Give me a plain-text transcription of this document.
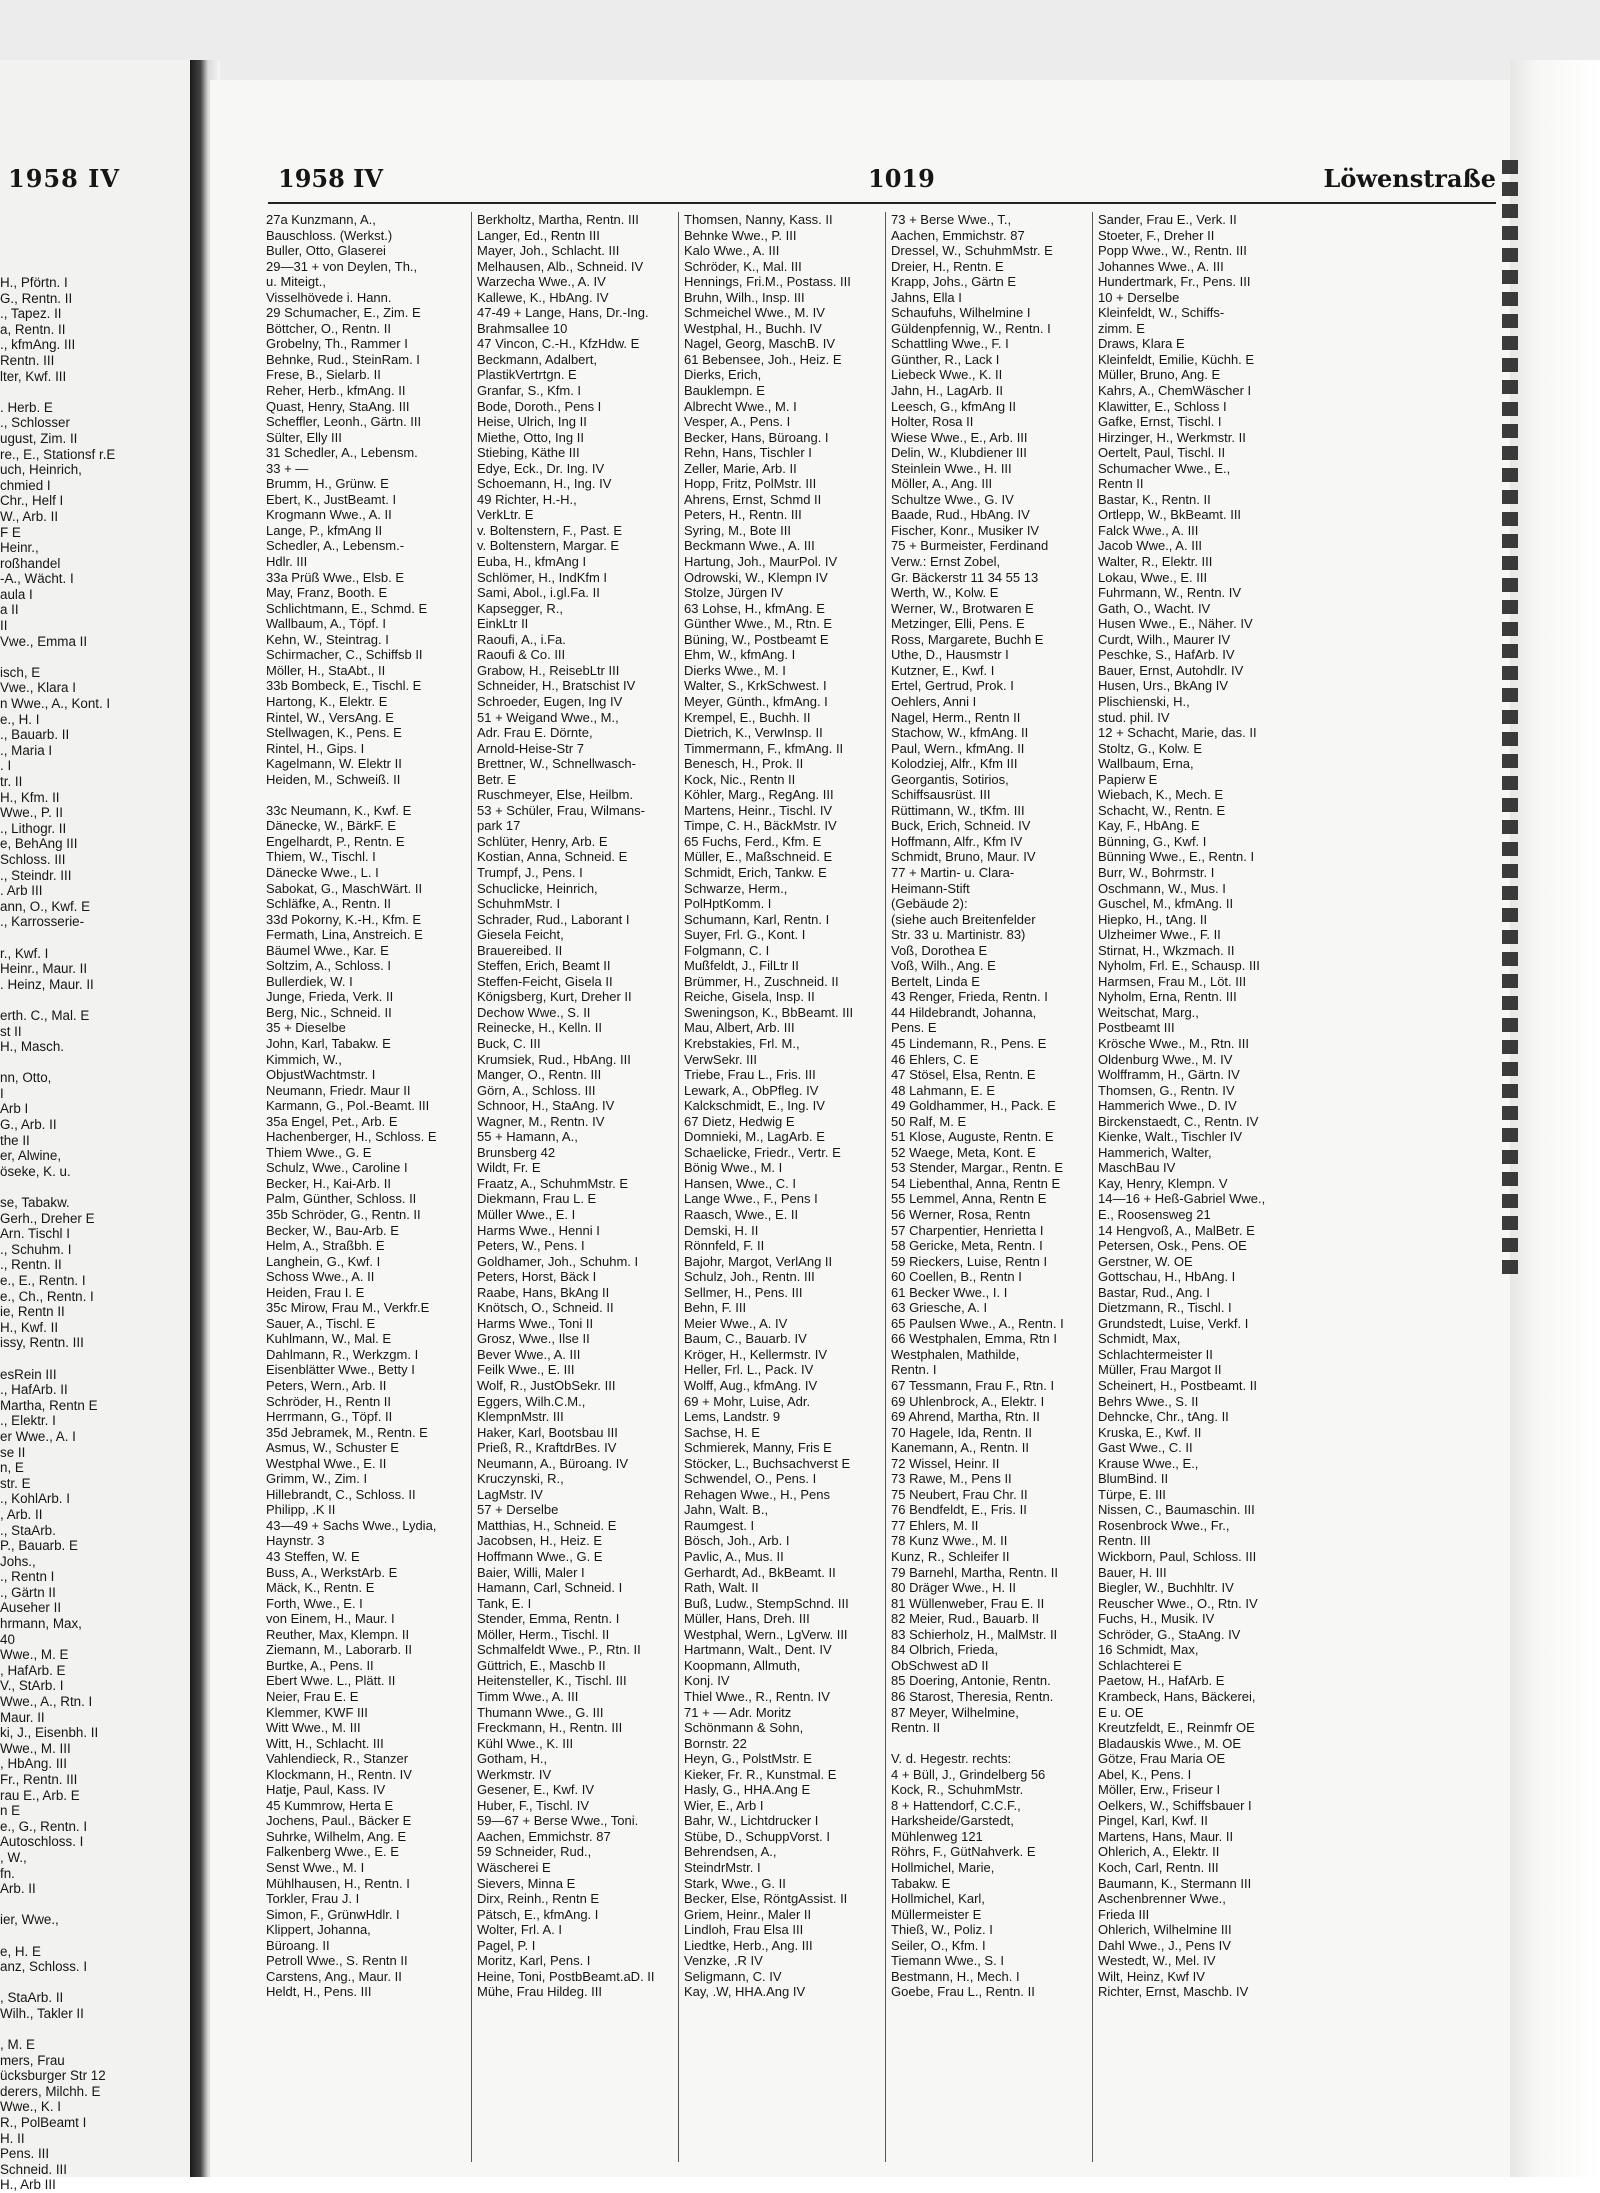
1958 IV
H., Pförtn. I
G., Rentn. II
., Tapez. II
a, Rentn. II
., kfmAng. III
Rentn. III
lter, Kwf. III
. Herb. E
., Schlosser
ugust, Zim. II
re., E., Stationsf r.E
uch, Heinrich,
chmied I
Chr., Helf I
W., Arb. II
F E
Heinr.,
roßhandel
-A., Wächt. I
aula I
a II
II
Vwe., Emma II
isch, E
Vwe., Klara I
n Wwe., A., Kont. I
e., H. I
., Bauarb. II
., Maria I
. I
tr. II
H., Kfm. II
Wwe., P. II
., Lithogr. II
e, BehAng III
Schloss. III
., Steindr. III
. Arb III
ann, O., Kwf. E
., Karrosserie-
r., Kwf. I
Heinr., Maur. II
. Heinz, Maur. II
erth. C., Mal. E
st II
H., Masch.
nn, Otto,
I
Arb I
G., Arb. II
the II
er, Alwine,
öseke, K. u.
se, Tabakw.
Gerh., Dreher E
Arn. Tischl I
., Schuhm. I
., Rentn. II
e., E., Rentn. I
e., Ch., Rentn. I
ie, Rentn II
H., Kwf. II
issy, Rentn. III
esRein III
., HafArb. II
Martha, Rentn E
., Elektr. I
er Wwe., A. I
se II
n, E
str. E
., KohlArb. I
, Arb. II
., StaArb.
P., Bauarb. E
Johs.,
., Rentn I
., Gärtn II
Auseher II
hrmann, Max,
40
Wwe., M. E
, HafArb. E
V., StArb. I
Wwe., A., Rtn. I
Maur. II
ki, J., Eisenbh. II
Wwe., M. III
, HbAng. III
Fr., Rentn. III
rau E., Arb. E
n E
e., G., Rentn. I
Autoschloss. I
, W.,
fn.
Arb. II
ier, Wwe.,
e, H. E
anz, Schloss. I
, StaArb. II
Wilh., Takler II
, M. E
mers, Frau
ücksburger Str 12
derers, Milchh. E
Wwe., K. I
R., PolBeamt I
H. II
Pens. III
Schneid. III
H., Arb III
1958 IV	1019	Löwenstraße
27a Kunzmann, A.,
Bauschloss. (Werkst.)
Buller, Otto, Glaserei
29—31 + von Deylen, Th.,
u. Miteigt.,
Visselhövede i. Hann.
29 Schumacher, E., Zim. E
Böttcher, O., Rentn. II
Grobelny, Th., Rammer I
Behnke, Rud., SteinRam. I
Frese, B., Sielarb. II
Reher, Herb., kfmAng. II
Quast, Henry, StaAng. III
Scheffler, Leonh., Gärtn. III
Sülter, Elly III
31 Schedler, A., Lebensm.
33 + —
Brumm, H., Grünw. E
Ebert, K., JustBeamt. I
Krogmann Wwe., A. II
Lange, P., kfmAng II
Schedler, A., Lebensm.-
Hdlr. III
33a Prüß Wwe., Elsb. E
May, Franz, Booth. E
Schlichtmann, E., Schmd. E
Wallbaum, A., Töpf. I
Kehn, W., Steintrag. I
Schirmacher, C., Schiffsb II
Möller, H., StaAbt., II
33b Bombeck, E., Tischl. E
Hartong, K., Elektr. E
Rintel, W., VersAng. E
Stellwagen, K., Pens. E
Rintel, H., Gips. I
Kagelmann, W. Elektr II
Heiden, M., Schweiß. II
33c Neumann, K., Kwf. E
Dänecke, W., BärkF. E
Engelhardt, P., Rentn. E
Thiem, W., Tischl. I
Dänecke Wwe., L. I
Sabokat, G., MaschWärt. II
Schläfke, A., Rentn. II
33d Pokorny, K.-H., Kfm. E
Fermath, Lina, Anstreich. E
Bäumel Wwe., Kar. E
Soltzim, A., Schloss. I
Bullerdiek, W. I
Junge, Frieda, Verk. II
Berg, Nic., Schneid. II
35 + Dieselbe
John, Karl, Tabakw. E
Kimmich, W.,
ObjustWachtmstr. I
Neumann, Friedr. Maur II
Karmann, G., Pol.-Beamt. III
35a Engel, Pet., Arb. E
Hachenberger, H., Schloss. E
Thiem Wwe., G. E
Schulz, Wwe., Caroline I
Becker, H., Kai-Arb. II
Palm, Günther, Schloss. II
35b Schröder, G., Rentn. II
Becker, W., Bau-Arb. E
Helm, A., Straßbh. E
Langhein, G., Kwf. I
Schoss Wwe., A. II
Heiden, Frau I. E
35c Mirow, Frau M., Verkfr.E
Sauer, A., Tischl. E
Kuhlmann, W., Mal. E
Dahlmann, R., Werkzgm. I
Eisenblätter Wwe., Betty I
Peters, Wern., Arb. II
Schröder, H., Rentn II
Herrmann, G., Töpf. II
35d Jebramek, M., Rentn. E
Asmus, W., Schuster E
Westphal Wwe., E. II
Grimm, W., Zim. I
Hillebrandt, C., Schloss. II
Philipp, .K II
43—49 + Sachs Wwe., Lydia,
Haynstr. 3
43 Steffen, W. E
Buss, A., WerkstArb. E
Mäck, K., Rentn. E
Forth, Wwe., E. I
von Einem, H., Maur. I
Reuther, Max, Klempn. II
Ziemann, M., Laborarb. II
Burtke, A., Pens. II
Ebert Wwe. L., Plätt. II
Neier, Frau E. E
Klemmer, KWF III
Witt Wwe., M. III
Witt, H., Schlacht. III
Vahlendieck, R., Stanzer
Klockmann, H., Rentn. IV
Hatje, Paul, Kass. IV
45 Kummrow, Herta E
Jochens, Paul., Bäcker E
Suhrke, Wilhelm, Ang. E
Falkenberg Wwe., E. E
Senst Wwe., M. I
Mühlhausen, H., Rentn. I
Torkler, Frau J. I
Simon, F., GrünwHdlr. I
Klippert, Johanna,
Büroang. II
Petroll Wwe., S. Rentn II
Carstens, Ang., Maur. II
Heldt, H., Pens. III
Berkholtz, Martha, Rentn. III
Langer, Ed., Rentn III
Mayer, Joh., Schlacht. III
Melhausen, Alb., Schneid. IV
Warzecha Wwe., A. IV
Kallewe, K., HbAng. IV
47-49 + Lange, Hans, Dr.-Ing.
Brahmsallee 10
47 Vincon, C.-H., KfzHdw. E
Beckmann, Adalbert,
PlastikVertrtgn. E
Granfar, S., Kfm. I
Bode, Doroth., Pens I
Heise, Ulrich, Ing II
Miethe, Otto, Ing II
Stiebing, Käthe III
Edye, Eck., Dr. Ing. IV
Schoemann, H., Ing. IV
49 Richter, H.-H.,
VerkLtr. E
v. Boltenstern, F., Past. E
v. Boltenstern, Margar. E
Euba, H., kfmAng I
Schlömer, H., IndKfm I
Sami, Abol., i.gl.Fa. II
Kapsegger, R.,
EinkLtr II
Raoufi, A., i.Fa.
Raoufi & Co. III
Grabow, H., ReisebLtr III
Schneider, H., Bratschist IV
Schroeder, Eugen, Ing IV
51 + Weigand Wwe., M.,
Adr. Frau E. Dörnte,
Arnold-Heise-Str 7
Brettner, W., Schnellwasch-
Betr. E
Ruschmeyer, Else, Heilbm.
53 + Schüler, Frau, Wilmans-
park 17
Schlüter, Henry, Arb. E
Kostian, Anna, Schneid. E
Trumpf, J., Pens. I
Schuclicke, Heinrich,
SchuhmMstr. I
Schrader, Rud., Laborant I
Giesela Feicht,
Brauereibed. II
Steffen, Erich, Beamt II
Steffen-Feicht, Gisela II
Königsberg, Kurt, Dreher II
Dechow Wwe., S. II
Reinecke, H., Kelln. II
Buck, C. III
Krumsiek, Rud., HbAng. III
Manger, O., Rentn. III
Görn, A., Schloss. III
Schnoor, H., StaAng. IV
Wagner, M., Rentn. IV
55 + Hamann, A.,
Brunsberg 42
Wildt, Fr. E
Fraatz, A., SchuhmMstr. E
Diekmann, Frau L. E
Müller Wwe., E. I
Harms Wwe., Henni I
Peters, W., Pens. I
Goldhamer, Joh., Schuhm. I
Peters, Horst, Bäck I
Raabe, Hans, BkAng II
Knötsch, O., Schneid. II
Harms Wwe., Toni II
Grosz, Wwe., Ilse II
Bever Wwe., A. III
Feilk Wwe., E. III
Wolf, R., JustObSekr. III
Eggers, Wilh.C.M.,
KlempnMstr. III
Haker, Karl, Bootsbau III
Prieß, R., KraftdrBes. IV
Neumann, A., Büroang. IV
Kruczynski, R.,
LagMstr. IV
57 + Derselbe
Matthias, H., Schneid. E
Jacobsen, H., Heiz. E
Hoffmann Wwe., G. E
Baier, Willi, Maler I
Hamann, Carl, Schneid. I
Tank, E. I
Stender, Emma, Rentn. I
Möller, Herm., Tischl. II
Schmalfeldt Wwe., P., Rtn. II
Güttrich, E., Maschb II
Heitensteller, K., Tischl. III
Timm Wwe., A. III
Thumann Wwe., G. III
Freckmann, H., Rentn. III
Kühl Wwe., K. III
Gotham, H.,
Werkmstr. IV
Gesener, E., Kwf. IV
Huber, F., Tischl. IV
59—67 + Berse Wwe., Toni.
Aachen, Emmichstr. 87
59 Schneider, Rud.,
Wäscherei E
Sievers, Minna E
Dirx, Reinh., Rentn E
Pätsch, E., kfmAng. I
Wolter, Frl. A. I
Pagel, P. I
Moritz, Karl, Pens. I
Heine, Toni, PostbBeamt.aD. II
Mühe, Frau Hildeg. III
Thomsen, Nanny, Kass. II
Behnke Wwe., P. III
Kalo Wwe., A. III
Schröder, K., Mal. III
Hennings, Fri.M., Postass. III
Bruhn, Wilh., Insp. III
Schmeichel Wwe., M. IV
Westphal, H., Buchh. IV
Nagel, Georg, MaschB. IV
61 Bebensee, Joh., Heiz. E
Dierks, Erich,
Bauklempn. E
Albrecht Wwe., M. I
Vesper, A., Pens. I
Becker, Hans, Büroang. I
Rehn, Hans, Tischler I
Zeller, Marie, Arb. II
Hopp, Fritz, PolMstr. III
Ahrens, Ernst, Schmd II
Peters, H., Rentn. III
Syring, M., Bote III
Beckmann Wwe., A. III
Hartung, Joh., MaurPol. IV
Odrowski, W., Klempn IV
Stolze, Jürgen IV
63 Lohse, H., kfmAng. E
Günther Wwe., M., Rtn. E
Büning, W., Postbeamt E
Ehm, W., kfmAng. I
Dierks Wwe., M. I
Walter, S., KrkSchwest. I
Meyer, Günth., kfmAng. I
Krempel, E., Buchh. II
Dietrich, K., VerwInsp. II
Timmermann, F., kfmAng. II
Benesch, H., Prok. II
Kock, Nic., Rentn II
Köhler, Marg., RegAng. III
Martens, Heinr., Tischl. IV
Timpe, C. H., BäckMstr. IV
65 Fuchs, Ferd., Kfm. E
Müller, E., Maßschneid. E
Schmidt, Erich, Tankw. E
Schwarze, Herm.,
PolHptKomm. I
Schumann, Karl, Rentn. I
Suyer, Frl. G., Kont. I
Folgmann, C. I
Mußfeldt, J., FilLtr II
Brümmer, H., Zuschneid. II
Reiche, Gisela, Insp. II
Sweningson, K., BbBeamt. III
Mau, Albert, Arb. III
Krebstakies, Frl. M.,
VerwSekr. III
Triebe, Frau L., Fris. III
Lewark, A., ObPfleg. IV
Kalckschmidt, E., Ing. IV
67 Dietz, Hedwig E
Domnieki, M., LagArb. E
Schaelicke, Friedr., Vertr. E
Bönig Wwe., M. I
Hansen, Wwe., C. I
Lange Wwe., F., Pens I
Raasch, Wwe., E. II
Demski, H. II
Rönnfeld, F. II
Bajohr, Margot, VerlAng II
Schulz, Joh., Rentn. III
Sellmer, H., Pens. III
Behn, F. III
Meier Wwe., A. IV
Baum, C., Bauarb. IV
Kröger, H., Kellermstr. IV
Heller, Frl. L., Pack. IV
Wolff, Aug., kfmAng. IV
69 + Mohr, Luise, Adr.
Lems, Landstr. 9
Sachse, H. E
Schmierek, Manny, Fris E
Stöcker, L., Buchsachverst E
Schwendel, O., Pens. I
Rehagen Wwe., H., Pens
Jahn, Walt. B.,
Raumgest. I
Bösch, Joh., Arb. I
Pavlic, A., Mus. II
Gerhardt, Ad., BkBeamt. II
Rath, Walt. II
Buß, Ludw., StempSchnd. III
Müller, Hans, Dreh. III
Westphal, Wern., LgVerw. III
Hartmann, Walt., Dent. IV
Koopmann, Allmuth,
Konj. IV
Thiel Wwe., R., Rentn. IV
71 + — Adr. Moritz
Schönmann & Sohn,
Bornstr. 22
Heyn, G., PolstMstr. E
Kieker, Fr. R., Kunstmal. E
Hasly, G., HHA.Ang E
Wier, E., Arb I
Bahr, W., Lichtdrucker I
Stübe, D., SchuppVorst. I
Behrendsen, A.,
SteindrMstr. I
Stark, Wwe., G. II
Becker, Else, RöntgAssist. II
Griem, Heinr., Maler II
Lindloh, Frau Elsa III
Liedtke, Herb., Ang. III
Venzke, .R IV
Seligmann, C. IV
Kay, .W, HHA.Ang IV
73 + Berse Wwe., T.,
Aachen, Emmichstr. 87
Dressel, W., SchuhmMstr. E
Dreier, H., Rentn. E
Krapp, Johs., Gärtn E
Jahns, Ella I
Schaufuhs, Wilhelmine I
Güldenpfennig, W., Rentn. I
Schattling Wwe., F. I
Günther, R., Lack I
Liebeck Wwe., K. II
Jahn, H., LagArb. II
Leesch, G., kfmAng II
Holter, Rosa II
Wiese Wwe., E., Arb. III
Delin, W., Klubdiener III
Steinlein Wwe., H. III
Möller, A., Ang. III
Schultze Wwe., G. IV
Baade, Rud., HbAng. IV
Fischer, Konr., Musiker IV
75 + Burmeister, Ferdinand
Verw.: Ernst Zobel,
Gr. Bäckerstr 11 34 55 13
Werth, W., Kolw. E
Werner, W., Brotwaren E
Metzinger, Elli, Pens. E
Ross, Margarete, Buchh E
Uthe, D., Hausmstr I
Kutzner, E., Kwf. I
Ertel, Gertrud, Prok. I
Oehlers, Anni I
Nagel, Herm., Rentn II
Stachow, W., kfmAng. II
Paul, Wern., kfmAng. II
Kolodziej, Alfr., Kfm III
Georgantis, Sotirios,
Schiffsausrüst. III
Rüttimann, W., tKfm. III
Buck, Erich, Schneid. IV
Hoffmann, Alfr., Kfm IV
Schmidt, Bruno, Maur. IV
77 + Martin- u. Clara-
Heimann-Stift
(Gebäude 2):
(siehe auch Breitenfelder
Str. 33 u. Martinistr. 83)
Voß, Dorothea E
Voß, Wilh., Ang. E
Bertelt, Linda E
43 Renger, Frieda, Rentn. I
44 Hildebrandt, Johanna,
Pens. E
45 Lindemann, R., Pens. E
46 Ehlers, C. E
47 Stösel, Elsa, Rentn. E
48 Lahmann, E. E
49 Goldhammer, H., Pack. E
50 Ralf, M. E
51 Klose, Auguste, Rentn. E
52 Waege, Meta, Kont. E
53 Stender, Margar., Rentn. E
54 Liebenthal, Anna, Rentn E
55 Lemmel, Anna, Rentn E
56 Werner, Rosa, Rentn
57 Charpentier, Henrietta I
58 Gericke, Meta, Rentn. I
59 Rieckers, Luise, Rentn I
60 Coellen, B., Rentn I
61 Becker Wwe., I. I
63 Griesche, A. I
65 Paulsen Wwe., A., Rentn. I
66 Westphalen, Emma, Rtn I
Westphalen, Mathilde,
Rentn. I
67 Tessmann, Frau F., Rtn. I
69 Uhlenbrock, A., Elektr. I
69 Ahrend, Martha, Rtn. II
70 Hagele, Ida, Rentn. II
Kanemann, A., Rentn. II
72 Wissel, Heinr. II
73 Rawe, M., Pens II
75 Neubert, Frau Chr. II
76 Bendfeldt, E., Fris. II
77 Ehlers, M. II
78 Kunz Wwe., M. II
Kunz, R., Schleifer II
79 Barnehl, Martha, Rentn. II
80 Dräger Wwe., H. II
81 Wüllenweber, Frau E. II
82 Meier, Rud., Bauarb. II
83 Schierholz, H., MalMstr. II
84 Olbrich, Frieda,
ObSchwest aD II
85 Doering, Antonie, Rentn.
86 Starost, Theresia, Rentn.
87 Meyer, Wilhelmine,
Rentn. II
V. d. Hegestr. rechts:
4 + Büll, J., Grindelberg 56
Kock, R., SchuhmMstr.
8 + Hattendorf, C.C.F.,
Harksheide/Garstedt,
Mühlenweg 121
Röhrs, F., GütNahverk. E
Hollmichel, Marie,
Tabakw. E
Hollmichel, Karl,
Müllermeister E
Thieß, W., Poliz. I
Seiler, O., Kfm. I
Tiemann Wwe., S. I
Bestmann, H., Mech. I
Goebe, Frau L., Rentn. II
Sander, Frau E., Verk. II
Stoeter, F., Dreher II
Popp Wwe., W., Rentn. III
Johannes Wwe., A. III
Hundertmark, Fr., Pens. III
10 + Derselbe
Kleinfeldt, W., Schiffs-
zimm. E
Draws, Klara E
Kleinfeldt, Emilie, Küchh. E
Müller, Bruno, Ang. E
Kahrs, A., ChemWäscher I
Klawitter, E., Schloss I
Gafke, Ernst, Tischl. I
Hirzinger, H., Werkmstr. II
Oertelt, Paul, Tischl. II
Schumacher Wwe., E.,
Rentn II
Bastar, K., Rentn. II
Ortlepp, W., BkBeamt. III
Falck Wwe., A. III
Jacob Wwe., A. III
Walter, R., Elektr. III
Lokau, Wwe., E. III
Fuhrmann, W., Rentn. IV
Gath, O., Wacht. IV
Husen Wwe., E., Näher. IV
Curdt, Wilh., Maurer IV
Peschke, S., HafArb. IV
Bauer, Ernst, Autohdlr. IV
Husen, Urs., BkAng IV
Plischienski, H.,
stud. phil. IV
12 + Schacht, Marie, das. II
Stoltz, G., Kolw. E
Wallbaum, Erna,
Papierw E
Wiebach, K., Mech. E
Schacht, W., Rentn. E
Kay, F., HbAng. E
Bünning, G., Kwf. I
Bünning Wwe., E., Rentn. I
Burr, W., Bohrmstr. I
Oschmann, W., Mus. I
Guschel, M., kfmAng. II
Hiepko, H., tAng. II
Ulzheimer Wwe., F. II
Stirnat, H., Wkzmach. II
Nyholm, Frl. E., Schausp. III
Harmsen, Frau M., Löt. III
Nyholm, Erna, Rentn. III
Weitschat, Marg.,
Postbeamt III
Krösche Wwe., M., Rtn. III
Oldenburg Wwe., M. IV
Wolfframm, H., Gärtn. IV
Thomsen, G., Rentn. IV
Hammerich Wwe., D. IV
Birckenstaedt, C., Rentn. IV
Kienke, Walt., Tischler IV
Hammerich, Walter,
MaschBau IV
Kay, Henry, Klempn. V
14—16 + Heß-Gabriel Wwe.,
E., Roosensweg 21
14 Hengvoß, A., MalBetr. E
Petersen, Osk., Pens. OE
Gerstner, W. OE
Gottschau, H., HbAng. I
Bastar, Rud., Ang. I
Dietzmann, R., Tischl. I
Grundstedt, Luise, Verkf. I
Schmidt, Max,
Schlachtermeister II
Müller, Frau Margot II
Scheinert, H., Postbeamt. II
Behrs Wwe., S. II
Dehncke, Chr., tAng. II
Kruska, E., Kwf. II
Gast Wwe., C. II
Krause Wwe., E.,
BlumBind. II
Türpe, E. III
Nissen, C., Baumaschin. III
Rosenbrock Wwe., Fr.,
Rentn. III
Wickborn, Paul, Schloss. III
Bauer, H. III
Biegler, W., Buchhltr. IV
Reuscher Wwe., O., Rtn. IV
Fuchs, H., Musik. IV
Schröder, G., StaAng. IV
16 Schmidt, Max,
Schlachterei E
Paetow, H., HafArb. E
Krambeck, Hans, Bäckerei,
E u. OE
Kreutzfeldt, E., Reinmfr OE
Bladauskis Wwe., M. OE
Götze, Frau Maria OE
Abel, K., Pens. I
Möller, Erw., Friseur I
Oelkers, W., Schiffsbauer I
Pingel, Karl, Kwf. II
Martens, Hans, Maur. II
Ohlerich, A., Elektr. II
Koch, Carl, Rentn. III
Baumann, K., Stermann III
Aschenbrenner Wwe.,
Frieda III
Ohlerich, Wilhelmine III
Dahl Wwe., J., Pens IV
Westedt, W., Mel. IV
Wilt, Heinz, Kwf IV
Richter, Ernst, Maschb. IV
